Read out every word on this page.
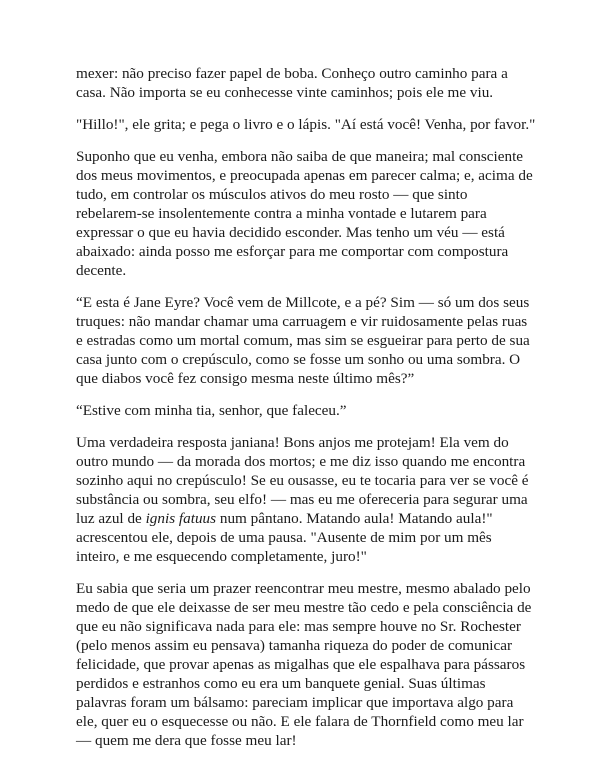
mexer: não preciso fazer papel de boba. Conheço outro caminho para a casa. Não importa se eu conhecesse vinte caminhos; pois ele me viu.

"Hillo!", ele grita; e pega o livro e o lápis. "Aí está você! Venha, por favor."

Suponho que eu venha, embora não saiba de que maneira; mal consciente dos meus movimentos, e preocupada apenas em parecer calma; e, acima de tudo, em controlar os músculos ativos do meu rosto — que sinto rebelarem-se insolentemente contra a minha vontade e lutarem para expressar o que eu havia decidido esconder. Mas tenho um véu — está abaixado: ainda posso me esforçar para me comportar com compostura decente.

“E esta é Jane Eyre? Você vem de Millcote, e a pé? Sim — só um dos seus truques: não mandar chamar uma carruagem e vir ruidosamente pelas ruas e estradas como um mortal comum, mas sim se esgueirar para perto de sua casa junto com o crepúsculo, como se fosse um sonho ou uma sombra. O que diabos você fez consigo mesma neste último mês?”

“Estive com minha tia, senhor, que faleceu.”

Uma verdadeira resposta janiana! Bons anjos me protejam! Ela vem do outro mundo — da morada dos mortos; e me diz isso quando me encontra sozinho aqui no crepúsculo! Se eu ousasse, eu te tocaria para ver se você é substância ou sombra, seu elfo! — mas eu me ofereceria para segurar uma luz azul de ignis fatuus num pântano. Matando aula! Matando aula!" acrescentou ele, depois de uma pausa. "Ausente de mim por um mês inteiro, e me esquecendo completamente, juro!"

Eu sabia que seria um prazer reencontrar meu mestre, mesmo abalado pelo medo de que ele deixasse de ser meu mestre tão cedo e pela consciência de que eu não significava nada para ele: mas sempre houve no Sr. Rochester (pelo menos assim eu pensava) tamanha riqueza do poder de comunicar felicidade, que provar apenas as migalhas que ele espalhava para pássaros perdidos e estranhos como eu era um banquete genial. Suas últimas palavras foram um bálsamo: pareciam implicar que importava algo para ele, quer eu o esquecesse ou não. E ele falara de Thornfield como meu lar — quem me dera que fosse meu lar!
